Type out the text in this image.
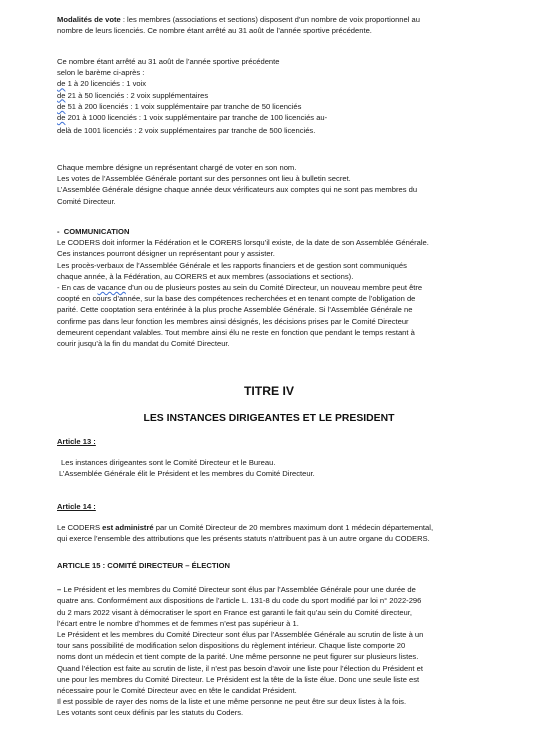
Modalités de vote : les membres (associations et sections) disposent d’un nombre de voix proportionnel au
nombre de leurs licenciés. Ce nombre étant arrêté au 31 août de l’année sportive précédente.
Ce nombre étant arrêté au 31 août de l’année sportive précédente
selon le barème ci-après :
de 1 à 20 licenciés : 1 voix
de 21 à 50 licenciés : 2 voix supplémentaires
de 51 à 200 licenciés : 1 voix supplémentaire par tranche de 50 licenciés
de 201 à 1000 licenciés : 1 voix supplémentaire par tranche de 100 licenciés au-
delà de 1001 licenciés : 2 voix supplémentaires par tranche de 500 licenciés.
Chaque membre désigne un représentant chargé de voter en son nom.
Les votes de l’Assemblée Générale portant sur des personnes ont lieu à bulletin secret.
L’Assemblée Générale désigne chaque année deux vérificateurs aux comptes qui ne sont pas membres du
Comité Directeur.
- COMMUNICATION
Le CODERS doit informer la Fédération et le CORERS lorsqu’il existe, de la date de son Assemblée Générale.
Ces instances pourront désigner un représentant pour y assister.
Les procès-verbaux de l’Assemblée Générale et les rapports financiers et de gestion sont communiqués
chaque année, à la Fédération, au CORERS et aux membres (associations et sections).
- En cas de vacance d’un ou de plusieurs postes au sein du Comité Directeur, un nouveau membre peut être
coopté en cours d’année, sur la base des compétences recherchées et en tenant compte de l’obligation de
parité. Cette cooptation sera entérinée à la plus proche Assemblée Générale. Si l’Assemblée Générale ne
confirme pas dans leur fonction les membres ainsi désignés, les décisions prises par le Comité Directeur
demeurent cependant valables. Tout membre ainsi élu ne reste en fonction que pendant le temps restant à
courir jusqu’à la fin du mandat du Comité Directeur.
TITRE IV
LES INSTANCES DIRIGEANTES ET LE PRESIDENT
Article 13 :
Les instances dirigeantes sont le Comité Directeur et le Bureau.
L’Assemblée Générale élit le Président et les membres du Comité Directeur.
Article 14 :
Le CODERS est administré par un Comité Directeur de 20 membres maximum dont 1 médecin départemental,
qui exerce l’ensemble des attributions que les présents statuts n’attribuent pas à un autre organe du CODERS.
ARTICLE 15 : COMITÉ DIRECTEUR – ÉLECTION
– Le Président et les membres du Comité Directeur sont élus par l’Assemblée Générale pour une durée de
quatre ans. Conformément aux dispositions de l’article L. 131-8 du code du sport modifié par loi n° 2022-296
du 2 mars 2022 visant à démocratiser le sport en France est garanti le fait qu’au sein du Comité directeur,
l’écart entre le nombre d’hommes et de femmes n’est pas supérieur à 1.
Le Président et les membres du Comité Directeur sont élus par l’Assemblée Générale au scrutin de liste à un
tour sans possibilité de modification selon dispositions du règlement intérieur. Chaque liste comporte 20
noms dont un médecin et tient compte de la parité. Une même personne ne peut figurer sur plusieurs listes.
Quand l’élection est faite au scrutin de liste, il n’est pas besoin d’avoir une liste pour l’élection du Président et
une pour les membres du Comité Directeur. Le Président est la tête de la liste élue. Donc une seule liste est
nécessaire pour le Comité Directeur avec en tête le candidat Président.
Il est possible de rayer des noms de la liste et une même personne ne peut être sur deux listes à la fois.
Les votants sont ceux définis par les statuts du Coders.
